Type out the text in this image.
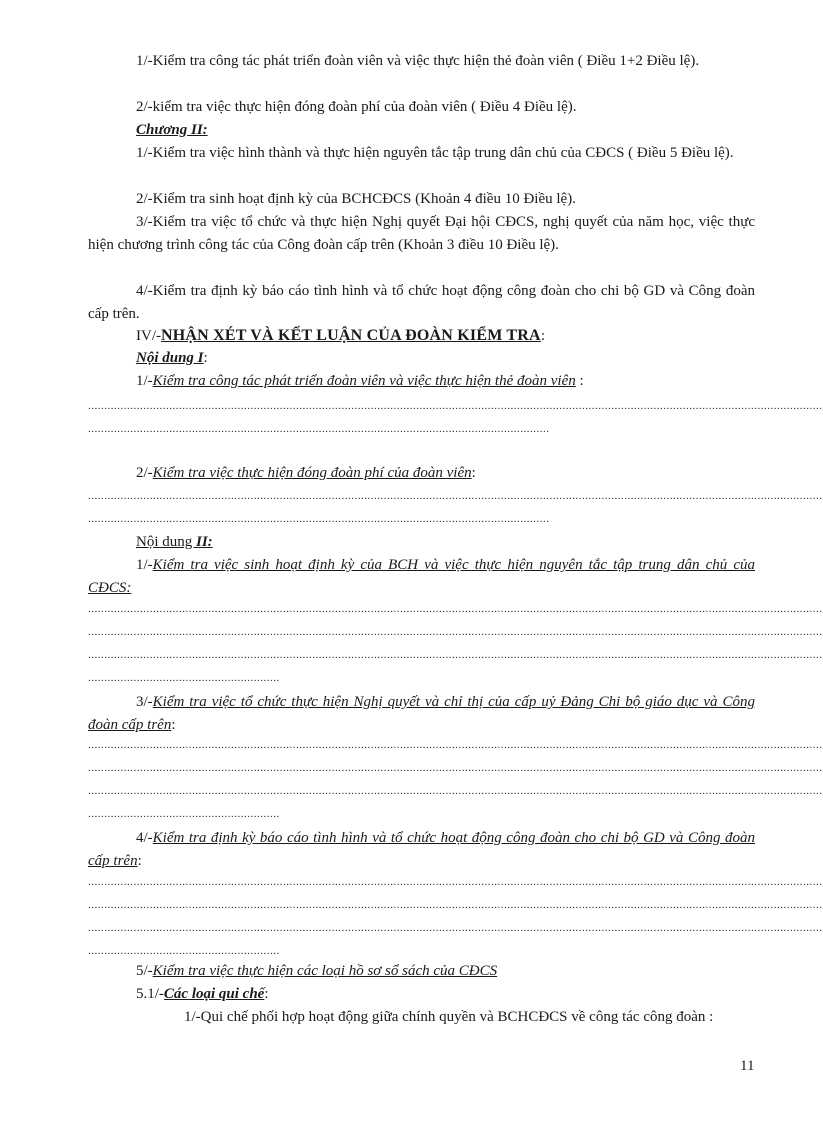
1/-Kiểm tra công tác phát triển đoàn viên và việc thực hiện thẻ đoàn viên ( Điều 1+2 Điều lệ).
2/-kiểm tra việc thực hiện đóng đoàn phí của đoàn viên ( Điều 4 Điều lệ).
Chương II:
1/-Kiểm tra việc hình thành và thực hiện nguyên tắc tập trung dân chủ của CĐCS ( Điều 5 Điều lệ).
2/-Kiểm tra sinh hoạt định kỳ của BCHCĐCS (Khoản 4 điều 10 Điều lệ).
3/-Kiểm tra việc tổ chức và thực hiện Nghị quyết Đại hội CĐCS, nghị quyết của năm học, việc thực hiện chương trình công tác của Công đoàn cấp trên (Khoản 3 điều 10 Điều lệ).
4/-Kiểm tra định kỳ báo cáo tình hình và tổ chức hoạt động công đoàn cho chi bộ GD và Công đoàn cấp trên.
IV/-NHẬN XÉT VÀ KẾT LUẬN CỦA ĐOÀN KIỂM TRA:
Nội dung I:
1/-Kiểm tra công tác phát triển đoàn viên và việc thực hiện thẻ đoàn viên :
..................................................................................................................................................................................................................................
..............................................................................................................................................
2/-Kiểm tra việc thực hiện đóng đoàn phí của đoàn viên:
..................................................................................................................................................................................................................................
..............................................................................................................................................
Nội dung II:
1/-Kiểm tra việc sinh hoạt định kỳ của BCH và việc thực hiện nguyên tắc tập trung dân chủ của CĐCS:
..................................................................................................................................................................................................................................
..................................................................................................................................................................................................................................
..................................................................................................................................................................................................................................
...........................................................
3/-Kiểm tra việc tổ chức thực hiện Nghị quyết và chỉ thị của cấp uỷ Đảng Chi bộ giáo dục và Công đoàn cấp trên:
..................................................................................................................................................................................................................................
..................................................................................................................................................................................................................................
..................................................................................................................................................................................................................................
...........................................................
4/-Kiểm tra định kỳ báo cáo tình hình và tổ chức hoạt động công đoàn cho chi bộ GD và Công đoàn cấp trên:
..................................................................................................................................................................................................................................
..................................................................................................................................................................................................................................
..................................................................................................................................................................................................................................
...........................................................
5/-Kiểm tra việc thực hiện các loại hồ sơ sổ sách của CĐCS
5.1/-Các loại qui chế:
1/-Qui chế phối hợp hoạt động giữa chính quyền và BCHCĐCS về công tác công đoàn :
11
